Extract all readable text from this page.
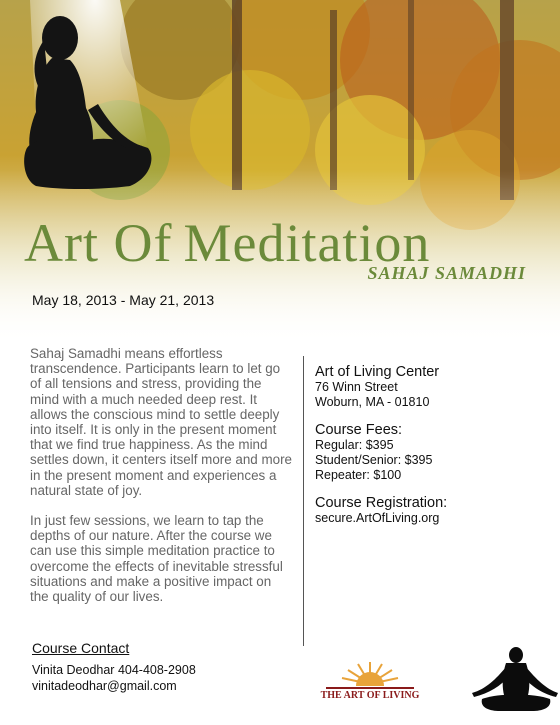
Art Of Meditation
SAHAJ SAMADHI
May 18, 2013 - May 21, 2013

Sahaj Samadhi means effortless transcendence. Participants learn to let go of all tensions and stress, providing the mind with a much needed deep rest. It allows the conscious mind to settle deeply into itself. It is only in the present moment that we find true happiness. As the mind settles down, it centers itself more and more in the present moment and experiences a natural state of joy.

In just few sessions, we learn to tap the depths of our nature. After the course we can use this simple meditation practice to overcome the effects of inevitable stressful situations and make a positive impact on the quality of our lives.

Art of Living Center

76 Winn Street

Woburn, MA - 01810

Course Fees:

Regular: $395

Student/Senior: $395

Repeater: $100

Course Registration:

secure.ArtOfLiving.org

Course Contact

Vinita Deodhar 404-408-2908

vinitadeodhar@gmail.com

THE ART OF LIVING
